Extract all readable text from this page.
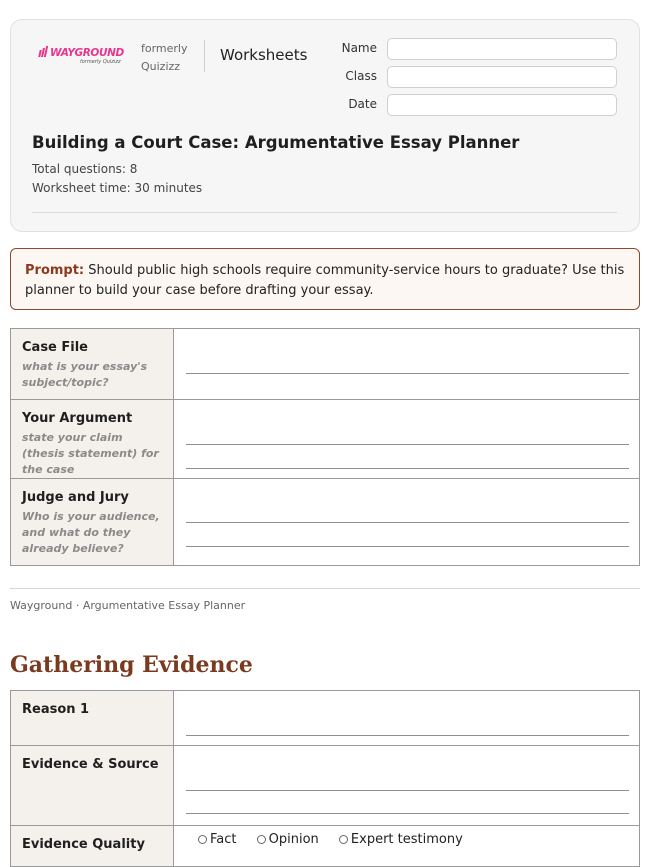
WAYGROUND
formerly Quizizz
formerly Quizizz
Worksheets	Name
Class
Date
Building a Court Case: Argumentative Essay Planner
Total questions: 8
Worksheet time: 30 minutes
Prompt: Should public high schools require community-service hours to graduate? Use this planner to build your case before drafting your essay.
Case File
what is your essay's subject/topic?
Your Argument
state your claim (thesis statement) for the case
Judge and Jury
Who is your audience, and what do they already believe?
Wayground · Argumentative Essay Planner
Gathering Evidence
Reason 1
Evidence & Source
Evidence Quality	Fact Opinion Expert testimony
